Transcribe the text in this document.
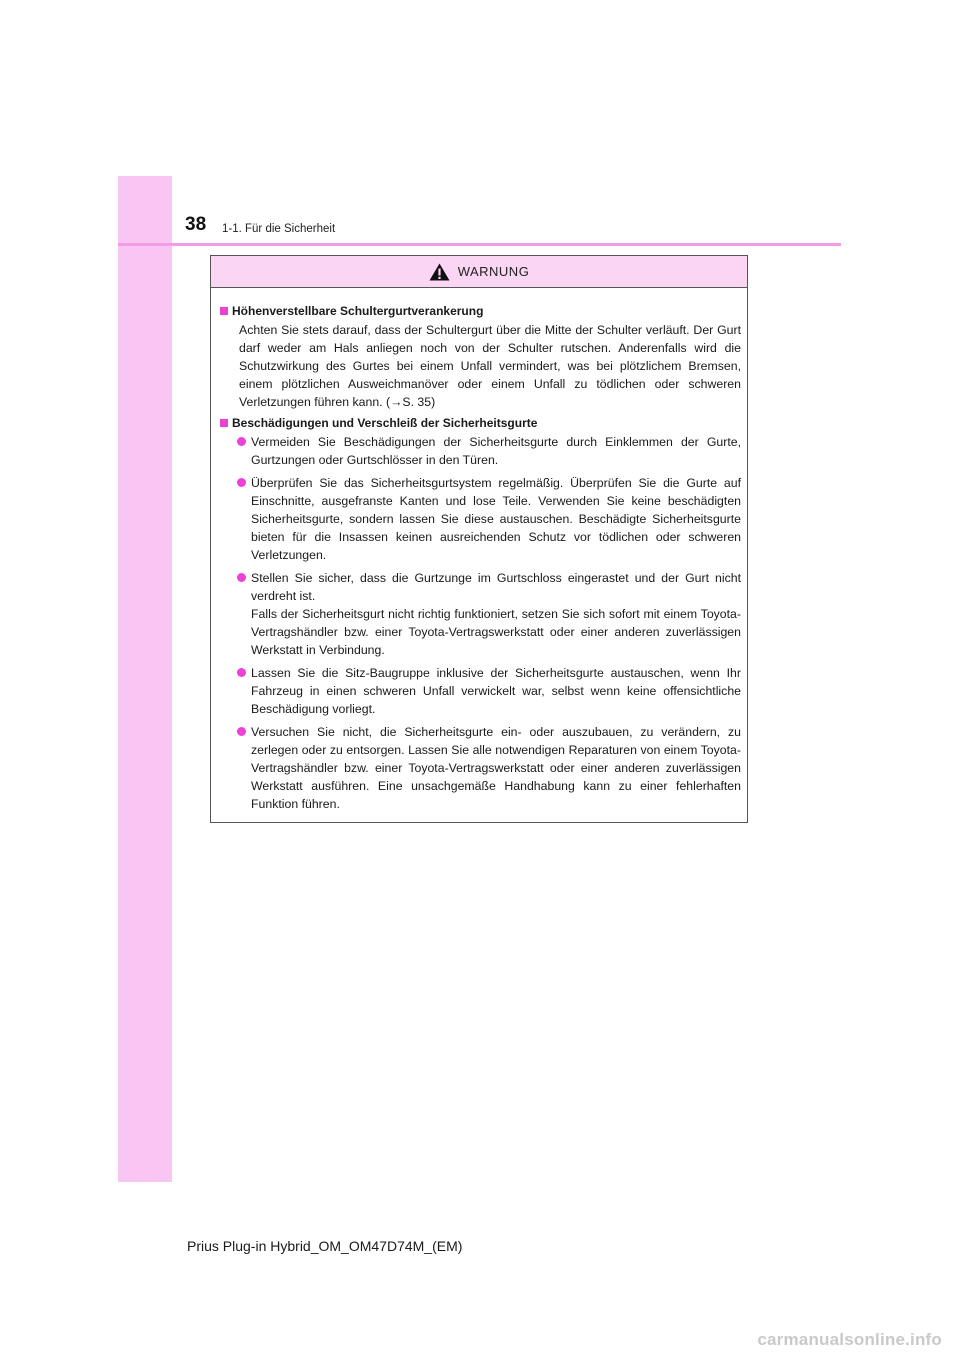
38 1-1. Für die Sicherheit
WARNUNG
Höhenverstellbare Schultergurtverankerung

Achten Sie stets darauf, dass der Schultergurt über die Mitte der Schulter verläuft. Der Gurt darf weder am Hals anliegen noch von der Schulter rutschen. Anderenfalls wird die Schutzwirkung des Gurtes bei einem Unfall vermindert, was bei plötzlichem Bremsen, einem plötzlichen Ausweichmanöver oder einem Unfall zu tödlichen oder schweren Verletzungen führen kann. (→S. 35)

Beschädigungen und Verschleiß der Sicherheitsgurte
Vermeiden Sie Beschädigungen der Sicherheitsgurte durch Einklemmen der Gurte, Gurtzungen oder Gurtschlösser in den Türen.
Überprüfen Sie das Sicherheitsgurtsystem regelmäßig. Überprüfen Sie die Gurte auf Einschnitte, ausgefranste Kanten und lose Teile. Verwenden Sie keine beschädigten Sicherheitsgurte, sondern lassen Sie diese austauschen. Beschädigte Sicherheitsgurte bieten für die Insassen keinen ausreichenden Schutz vor tödlichen oder schweren Verletzungen.
Stellen Sie sicher, dass die Gurtzunge im Gurtschloss eingerastet und der Gurt nicht verdreht ist.
Falls der Sicherheitsgurt nicht richtig funktioniert, setzen Sie sich sofort mit einem Toyota-Vertragshändler bzw. einer Toyota-Vertragswerkstatt oder einer anderen zuverlässigen Werkstatt in Verbindung.
Lassen Sie die Sitz-Baugruppe inklusive der Sicherheitsgurte austauschen, wenn Ihr Fahrzeug in einen schweren Unfall verwickelt war, selbst wenn keine offensichtliche Beschädigung vorliegt.
Versuchen Sie nicht, die Sicherheitsgurte ein- oder auszubauen, zu verändern, zu zerlegen oder zu entsorgen. Lassen Sie alle notwendigen Reparaturen von einem Toyota-Vertragshändler bzw. einer Toyota-Vertragswerkstatt oder einer anderen zuverlässigen Werkstatt ausführen. Eine unsachgemäße Handhabung kann zu einer fehlerhaften Funktion führen.
Prius Plug-in Hybrid_OM_OM47D74M_(EM)
carmanualsonline.info
